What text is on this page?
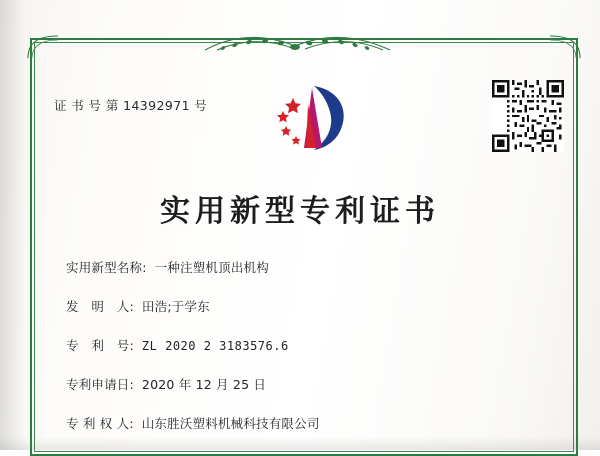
证 书 号 第 14392971 号
实用新型专利证书
实用新型名称: 一种注塑机顶出机构
发　明　人: 田浩;于学东
专　利　号: ZL 2020 2 3183576.6
专利申请日: 2020 年 12 月 25 日
专 利 权 人: 山东胜沃塑料机械科技有限公司
